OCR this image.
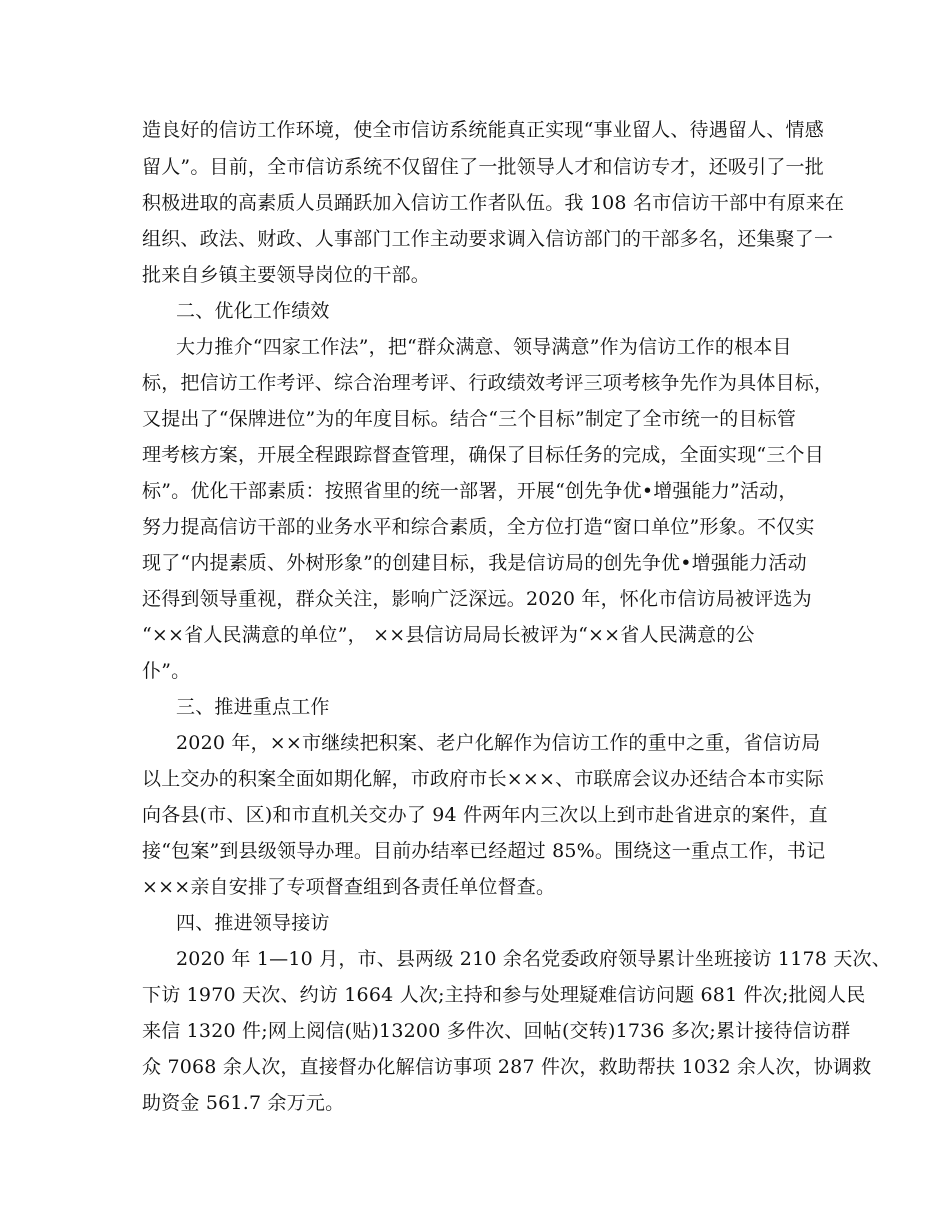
造良好的信访工作环境，使全市信访系统能真正实现“事业留人、待遇留人、情感
留人”。目前，全市信访系统不仅留住了一批领导人才和信访专才，还吸引了一批
积极进取的高素质人员踊跃加入信访工作者队伍。我 108 名市信访干部中有原来在
组织、政法、财政、人事部门工作主动要求调入信访部门的干部多名，还集聚了一
批来自乡镇主要领导岗位的干部。
二、优化工作绩效
大力推介“四家工作法”，把“群众满意、领导满意”作为信访工作的根本目
标，把信访工作考评、综合治理考评、行政绩效考评三项考核争先作为具体目标，
又提出了“保牌进位”为的年度目标。结合“三个目标”制定了全市统一的目标管
理考核方案，开展全程跟踪督查管理，确保了目标任务的完成，全面实现“三个目
标”。优化干部素质：按照省里的统一部署，开展“创先争优•增强能力”活动，
努力提高信访干部的业务水平和综合素质，全方位打造“窗口单位”形象。不仅实
现了“内提素质、外树形象”的创建目标，我是信访局的创先争优•增强能力活动
还得到领导重视，群众关注，影响广泛深远。2020 年，怀化市信访局被评选为
“××省人民满意的单位”， ××县信访局局长被评为“××省人民满意的公
仆”。
三、推进重点工作
2020 年，××市继续把积案、老户化解作为信访工作的重中之重，省信访局
以上交办的积案全面如期化解，市政府市长×××、市联席会议办还结合本市实际
向各县(市、区)和市直机关交办了 94 件两年内三次以上到市赴省进京的案件，直
接“包案”到县级领导办理。目前办结率已经超过 85%。围绕这一重点工作，书记
×××亲自安排了专项督查组到各责任单位督查。
四、推进领导接访
2020 年 1—10 月，市、县两级 210 余名党委政府领导累计坐班接访 1178 天次、
下访 1970 天次、约访 1664 人次;主持和参与处理疑难信访问题 681 件次;批阅人民
来信 1320 件;网上阅信(贴)13200 多件次、回帖(交转)1736 多次;累计接待信访群
众 7068 余人次，直接督办化解信访事项 287 件次，救助帮扶 1032 余人次，协调救
助资金 561.7 余万元。
